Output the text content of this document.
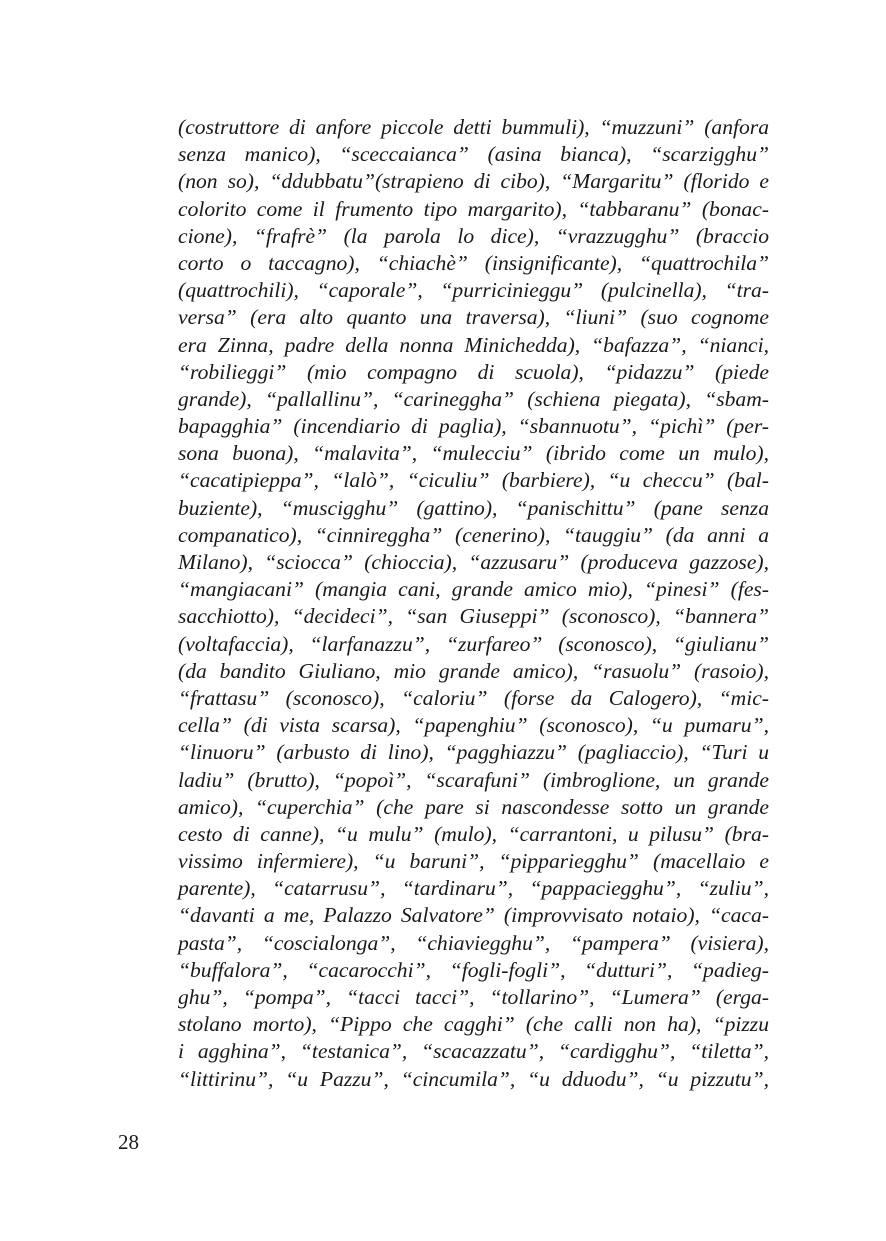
(costruttore di anfore piccole detti bummuli), “muzzuni” (anfora
senza manico), “sceccaianca” (asina bianca), “scarzigghu”
(non so), “ddubbatu”(strapieno di cibo), “Margaritu” (florido e
colorito come il frumento tipo margarito), “tabbaranu” (bonac-
cione), “frafrè” (la parola lo dice), “vrazzugghu” (braccio
corto o taccagno), “chiachè” (insignificante), “quattrochila”
(quattrochili), “caporale”, “purricinieggu” (pulcinella), “tra-
versa” (era alto quanto una traversa), “liuni” (suo cognome
era Zinna, padre della nonna Minichedda), “bafazza”, “nianci,
“robilieggi” (mio compagno di scuola), “pidazzu” (piede
grande), “pallallinu”, “carineggha” (schiena piegata), “sbam-
bapagghia” (incendiario di paglia), “sbannuotu”, “pichì” (per-
sona buona), “malavita”, “mulecciu” (ibrido come un mulo),
“cacatipieppa”, “lalò”, “ciculiu” (barbiere), “u checcu” (bal-
buziente), “muscigghu” (gattino), “panischittu” (pane senza
companatico), “cinnireggha” (cenerino), “tauggiu” (da anni a
Milano), “sciocca” (chioccia), “azzusaru” (produceva gazzose),
“mangiacani” (mangia cani, grande amico mio), “pinesi” (fes-
sacchiotto), “decideci”, “san Giuseppi” (sconosco), “bannera”
(voltafaccia), “larfanazzu”, “zurfareo” (sconosco), “giulianu”
(da bandito Giuliano, mio grande amico), “rasuolu” (rasoio),
“frattasu” (sconosco), “caloriu” (forse da Calogero), “mic-
cella” (di vista scarsa), “papenghiu” (sconosco), “u pumaru”,
“linuoru” (arbusto di lino), “pagghiazzu” (pagliaccio), “Turi u
ladiu” (brutto), “popoì”, “scarafuni” (imbroglione, un grande
amico), “cuperchia” (che pare si nascondesse sotto un grande
cesto di canne), “u mulu” (mulo), “carrantoni, u pilusu” (bra-
vissimo infermiere), “u baruni”, “pippariegghu” (macellaio e
parente), “catarrusu”, “tardinaru”, “pappaciegghu”, “zuliu”,
“davanti a me, Palazzo Salvatore” (improvvisato notaio), “caca-
pasta”, “coscialonga”, “chiaviegghu”, “pampera” (visiera),
“buffalora”, “cacarocchi”, “fogli-fogli”, “dutturi”, “padieg-
ghu”, “pompa”, “tacci tacci”, “tollarino”, “Lumera” (erga-
stolano morto), “Pippo che cagghi” (che calli non ha), “pizzu
i agghina”, “testanica”, “scacazzatu”, “cardigghu”, “tiletta”,
“littirinu”, “u Pazzu”, “cincumila”, “u dduodu”, “u pizzutu”,
28
